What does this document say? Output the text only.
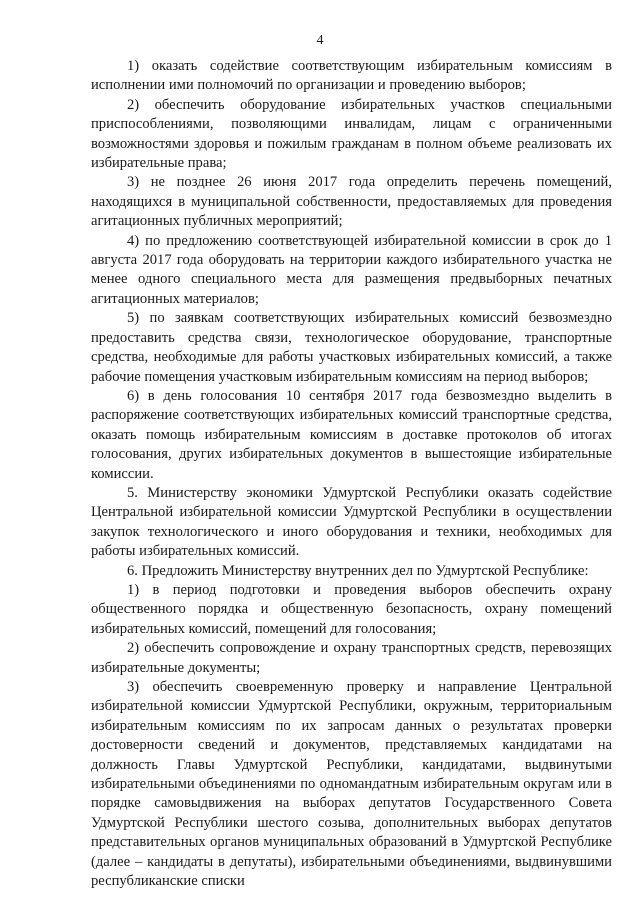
4

1) оказать содействие соответствующим избирательным комиссиям в исполнении ими полномочий по организации и проведению выборов;

2) обеспечить оборудование избирательных участков специальными приспособлениями, позволяющими инвалидам, лицам с ограниченными возможностями здоровья и пожилым гражданам в полном объеме реализовать их избирательные права;

3) не позднее 26 июня 2017 года определить перечень помещений, находящихся в муниципальной собственности, предоставляемых для проведения агитационных публичных мероприятий;

4) по предложению соответствующей избирательной комиссии в срок до 1 августа 2017 года оборудовать на территории каждого избирательного участка не менее одного специального места для размещения предвыборных печатных агитационных материалов;

5) по заявкам соответствующих избирательных комиссий безвозмездно предоставить средства связи, технологическое оборудование, транспортные средства, необходимые для работы участковых избирательных комиссий, а также рабочие помещения участковым избирательным комиссиям на период выборов;

6) в день голосования 10 сентября 2017 года безвозмездно выделить в распоряжение соответствующих избирательных комиссий транспортные средства, оказать помощь избирательным комиссиям в доставке протоколов об итогах голосования, других избирательных документов в вышестоящие избирательные комиссии.

5. Министерству экономики Удмуртской Республики оказать содействие Центральной избирательной комиссии Удмуртской Республики в осуществлении закупок технологического и иного оборудования и техники, необходимых для работы избирательных комиссий.

6. Предложить Министерству внутренних дел по Удмуртской Республике:

1) в период подготовки и проведения выборов обеспечить охрану общественного порядка и общественную безопасность, охрану помещений избирательных комиссий, помещений для голосования;

2) обеспечить сопровождение и охрану транспортных средств, перевозящих избирательные документы;

3) обеспечить своевременную проверку и направление Центральной избирательной комиссии Удмуртской Республики, окружным, территориальным избирательным комиссиям по их запросам данных о результатах проверки достоверности сведений и документов, представляемых кандидатами на должность Главы Удмуртской Республики, кандидатами, выдвинутыми избирательными объединениями по одномандатным избирательным округам или в порядке самовыдвижения на выборах депутатов Государственного Совета Удмуртской Республики шестого созыва, дополнительных выборах депутатов представительных органов муниципальных образований в Удмуртской Республике (далее – кандидаты в депутаты), избирательными объединениями, выдвинувшими республиканские списки
